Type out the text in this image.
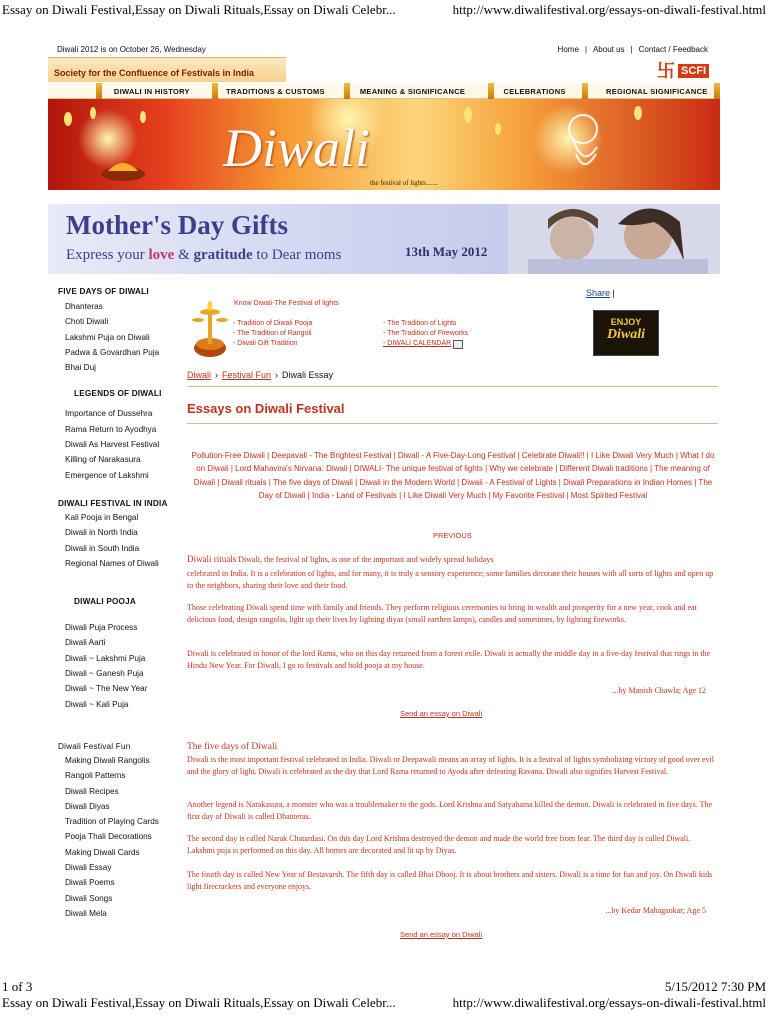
Essay on Diwali Festival,Essay on Diwali Rituals,Essay on Diwali Celebr...	http://www.diwalifestival.org/essays-on-diwali-festival.html
Diwali 2012 is on October 26, Wednesday	Home | About us | Contact / Feedback
Society for the Confluence of Festivals in India	卐 SCFI
DIWALI IN HISTORY	TRADITIONS & CUSTOMS	MEANING & SIGNIFICANCE	CELEBRATIONS	REGIONAL SIGNIFICANCE
Diwali
the festival of lights.......
Mother's Day Gifts
Express your love & gratitude to Dear moms	13th May 2012
FIVE DAYS OF DIWALI
Dhanteras
Choti Diwali
Lakshmi Puja on Diwali
Padwa & Govardhan Puja
Bhai Duj
LEGENDS OF DIWALI
Importance of Dussehra
Rama Return to Ayodhya
Diwali As Harvest Festival
Killing of Narakasura
Emergence of Lakshmi
DIWALI FESTIVAL IN INDIA
Kali Pooja in Bengal
Diwali in North India
Diwali in South India
Regional Names of Diwali
DIWALI POOJA
Diwali Puja Process
Diwali Aarti
Diwali ~ Lakshmi Puja
Diwali ~ Ganesh Puja
Diwali ~ The New Year
Diwali ~ Kali Puja
Diwali Festival Fun
Making Diwali Rangolis
Rangoli Patterns
Diwali Recipes
Diwali Diyas
Tradition of Playing Cards
Pooja Thali Decorations
Making Diwali Cards
Diwali Essay
Diwali Poems
Diwali Songs
Diwali Mela
Share |
Know Diwali-The Festival of lights
- Tradition of Diwali Pooja
- The Tradition of Rangoli
- Diwali Gift Tradition
- The Tradition of Lights
- The Tradition of Fireworks
- DIWALI CALENDAR
ENJOY
Diwali
Diwali › Festival Fun › Diwali Essay
Essays on Diwali Festival
Pollution-Free Diwali | Deepavali - The Brightest Festival | Diwali - A Five-Day-Long Festival | Celebrate Diwali!! | I Like Diwali Very Much | What I do on Diwali | Lord Mahavira's Nirvana: Diwali | DIWALI- The unique festival of lights | Why we celebrate | Different Diwali traditions | The meaning of Diwali | Diwali rituals | The five days of Diwali | Diwali in the Modern World | Diwali - A Festival of Lights | Diwali Preparations in Indian Homes | The Day of Diwali | India - Land of Festivals | I Like Diwali Very Much | My Favorite Festival | Most Spirited Festival
PREVIOUS
Diwali rituals Diwali, the festival of lights, is one of the important and widely spread holidays
celebrated in India. It is a celebration of lights, and for many, it is truly a sensory experience; some families decorate their houses with all sorts of lights and open up to the neighbors, sharing their love and their food.
Those celebrating Diwali spend time with family and friends. They perform religious ceremonies to bring in wealth and prosperity for a new year, cook and eat delicious food, design rangolis, light up their lives by lighting diyas (small earthen lamps), candles and sometimes, by lighting fireworks.
Diwali is celebrated in honor of the lord Rama, who on this day returned from a forest exile. Diwali is actually the middle day in a five-day festival that rings in the Hindu New Year. For Diwali, I go to festivals and hold pooja at my house.
...by Manish Chawla; Age 12
Send an essay on Diwali
The five days of Diwali
Diwali is the most important festival celebrated in India. Diwali or Deepawali means an array of lights. It is a festival of lights symbolizing victory of good over evil and the glory of light. Diwali is celebrated as the day that Lord Rama returned to Ayoda after defeating Ravana. Diwali also signifies Harvest Festival.
Another legend is Narakasura, a monster who was a troublemaker to the gods. Lord Krishna and Satyabama killed the demon. Diwali is celebrated in five days. The first day of Diwali is called Dhanteras.
The second day is called Narak Chatardasi. On this day Lord Krishna destroyed the demon and made the world free from fear. The third day is called Diwali. Lakshmi puja is performed on this day. All homes are decorated and lit up by Diyas.
The fourth day is called New Year of Bestavarsh. The fifth day is called Bhai Dhooj. It is about brothers and sisters. Diwali is a time for fun and joy. On Diwali kids light firecrackers and everyone enjoys.
...by Kedar Mahagaokar; Age 5
Send an essay on Diwali
1 of 3	5/15/2012 7:30 PM
Essay on Diwali Festival,Essay on Diwali Rituals,Essay on Diwali Celebr...	http://www.diwalifestival.org/essays-on-diwali-festival.html
